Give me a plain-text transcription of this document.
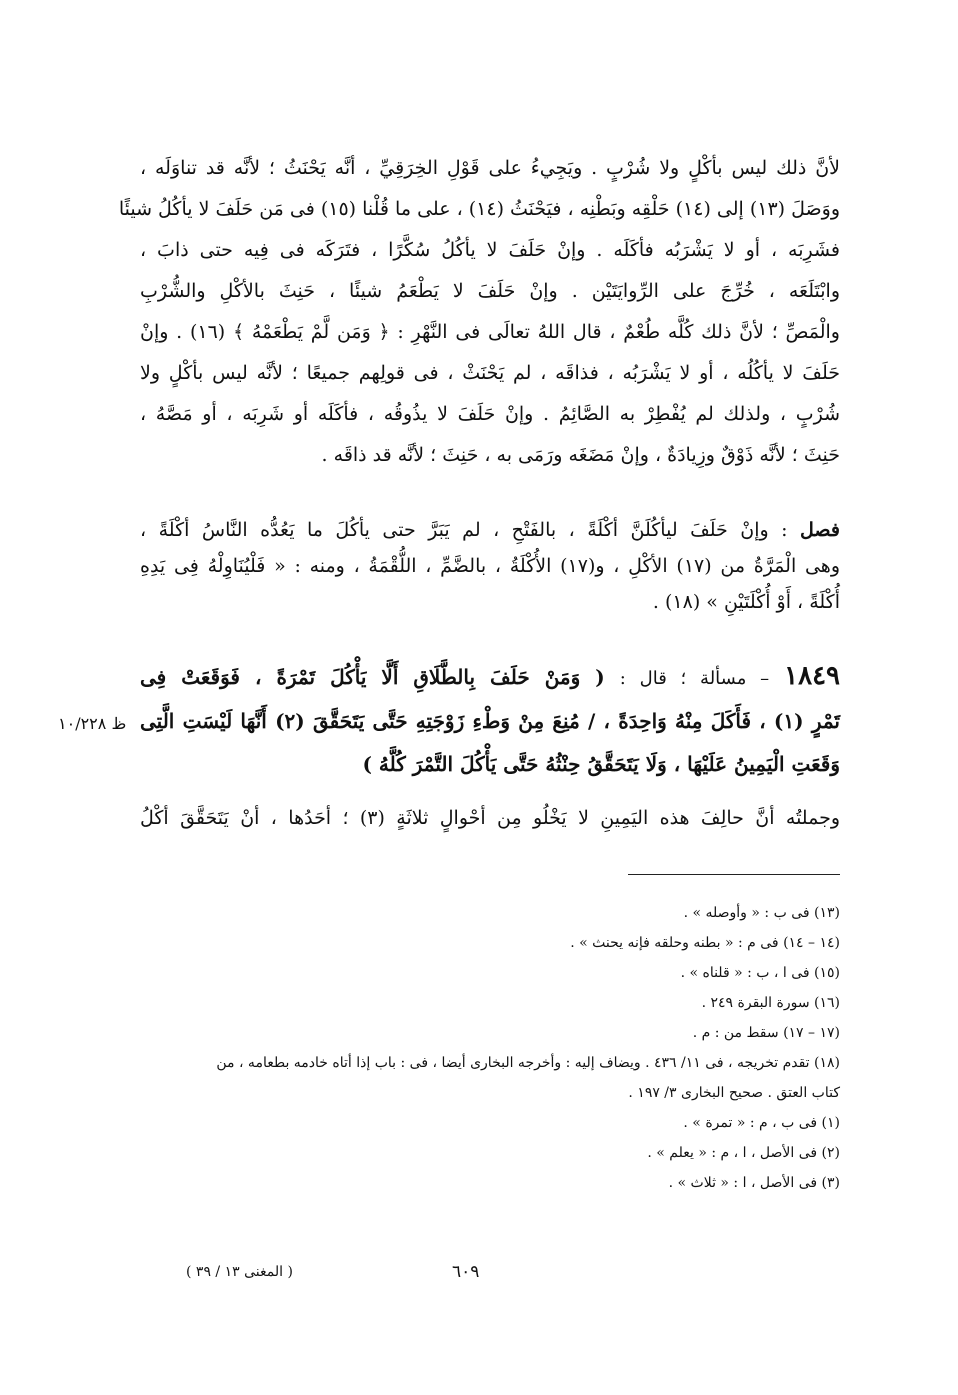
لأنَّ ذلك ليس بأكْلٍ ولا شُرْبٍ . ويَجِيءُ على قَوْلِ الخِرَقِيِّ ، أنَّه يَحْنَثُ ؛ لأنَّه قد تناوَلَه ،
ووَصَلَ (١٣) إلى (١٤) حَلْقِه وبَطْنِه ، فيَحْنَثُ (١٤) ، على ما قُلْنا (١٥) فى مَن حَلَفَ لا يأكُلُ شيئًا
فشَرِبَه ، أو لا يَشْرَبُه فأكَلَه . وإنْ حَلَفَ لا يأكُلُ سُكَّرًا ، فتَرَكَه فى فِيه حتى ذابَ ،
وابْتَلَعَه ، خُرِّجَ على الرِّوايَتَيْن . وإنْ حَلَفَ لا يَطْعَمُ شيئًا ، حَنِثَ بالأكْلِ والشُّرْبِ
والْمَصِّ ؛ لأنَّ ذلك كُلَّه طُعْمٌ ، قال اللهُ تعالَى فى النَّهْرِ : ﴿ وَمَن لَّمْ يَطْعَمْهُ ﴾ (١٦) . وإنْ
حَلَفَ لا يأكُلُه ، أو لا يَشْرَبُه ، فذاقَه ، لم يَحْنَثْ ، فى قولِهم جميعًا ؛ لأنَّه ليس بأكْلٍ ولا
شُرْبٍ ، ولذلك لم يُفْطِرْ به الصَّائِمُ . وإنْ حَلَفَ لا يذُوقُه ، فأكَلَه أو شَرِبَه ، أو مَصَّهُ ،
حَنِثَ ؛ لأنَّه ذَوْقٌ وزِيادَةٌ ، وإنْ مَضَغَه ورَمَى به ، حَنِثَ ؛ لأنَّه قد ذاقَه .
فصل : وإنْ حَلَفَ ليأكُلَنَّ أكْلَةً ، بالفَتْحِ ، لم يَبَرَّ حتى يأكُلَ ما يَعُدُّه النَّاسُ أكْلَةً ،
وهى الْمَرَّةُ من (١٧) الأكْلِ ، و(١٧) الأُكْلَةُ ، بالضَّمِّ ، اللُّقْمَةُ ، ومنه : « فَلْيُنَاوِلْهُ فِى يَدِهِ
أُكْلَةً ، أَوْ أُكْلَتَيْنِ » (١٨) .
١٨٤٩ – مسألة ؛ قال : ( وَمَنْ حَلَفَ بِالطَّلَاقِ أَلَّا يَأْكُلَ تَمْرَةً ، فَوَقَعَتْ فِى
تَمْرٍ (١) ، فَأَكَلَ مِنْهُ وَاحِدَةً ، / مُنِعَ مِنْ وَطْءِ زَوْجَتِهِ حَتَّى يَتَحَقَّقَ (٢) أَنَّهَا لَيْسَتِ الَّتِى
وَقَعَتِ الْيَمِينُ عَلَيْهَا ، وَلَا يَتَحَقَّقُ حِنْثُهُ حَتَّى يَأْكُلَ التَّمْرَ كُلَّهُ )
ظ ١٠/٢٢٨
وجملتُه أنَّ حالِفَ هذه اليَمِينِ لا يَخْلُو مِن أحْوالٍ ثلاثَةٍ (٣) ؛ أحَدُها ، أنْ يَتَحَقَّقَ أكْلُ
(١٣) فى ب : « وأوصله » .
(١٤ – ١٤) فى م : « بطنه وحلقه فإنه يحنث » .
(١٥) فى ا ، ب : « قلناه » .
(١٦) سورة البقرة ٢٤٩ .
(١٧ – ١٧) سقط من : م .
(١٨) تقدم تخريجه ، فى ١١/ ٤٣٦ . ويضاف إليه : وأخرجه البخارى أيضا ، فى : باب إذا أتاه خادمه بطعامه ، من
كتاب العتق . صحيح البخارى ٣/ ١٩٧ .
(١) فى ب ، م : « تمرة » .
(٢) فى الأصل ، ا ، م : « يعلم » .
(٣) فى الأصل ، ا : « ثلاث » .
٦٠٩
( المغنى ١٣ / ٣٩ )
